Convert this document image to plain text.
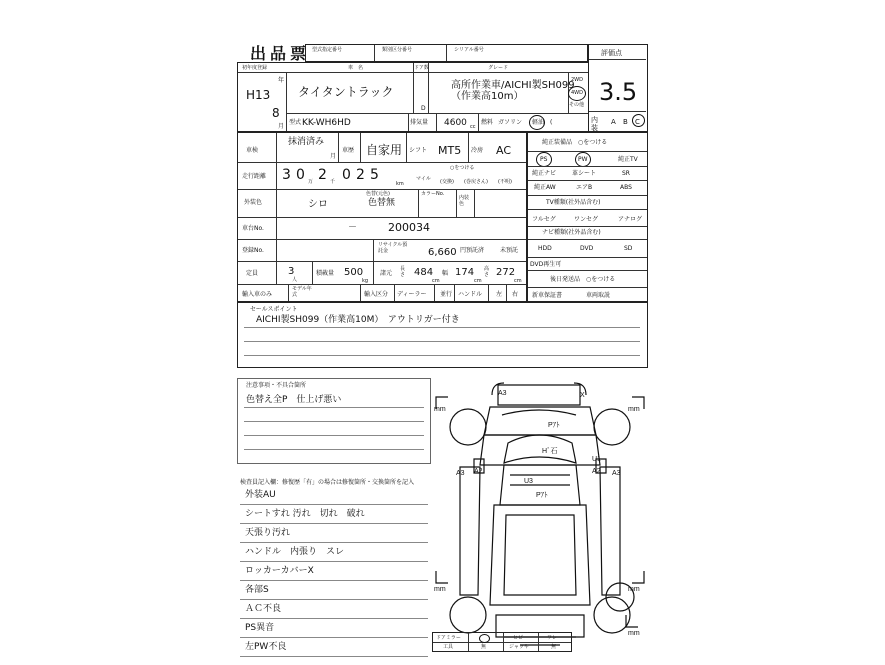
出品票 型式指定番号	類別区分番号	シリアル番号	評価点
3.5
内装
A B C
初年度登録
H13
年
8
月
車　名
タイタントラック
ドア数
D
グレード
高所作業車/AICHI製SH099（作業高10m）
2WD
4WD
その他
型式 KK-WH6HD	排気量 4600 cc
燃料 ガソリン 軽油 (
車検
抹消済み
月
車歴 自家用 シフト MT5 冷房 AC
走行距離 3 0 万 2 千 0 2 5
km
○をつける
マイル (交換) (巻戻さん) (不明)
外装色	シロ
色替(元色)
色替無
カラーNo.
内装色
車台No.	－	200034
登録No.
リサイクル預託金	6,660 円預託済	未預託
定員	3
人
積載量 500
kg
諸元
長さ 484
cm
幅 174
cm
高さ 272
cm
輸入車のみ
モデル年式	輸入区分 ディーラー 並行 ハンドル 左 右
純正装備品　 ○をつける
PS	PW	純正TV
純正ナビ	革シート	SR
純正AW	エアB	ABS
TV種類(社外品含む)
フルセグ	ワンセグ	アナログ
ナビ種類(社外品含む)
HDD	DVD	SD
DVD再生可
後日発送品　 ○をつける
新車保証書	車両取説
セールスポイント
AICHI製SH099（作業高10M）　アウトリガー付き
注意事項・不具合箇所
色替え全P　仕上げ悪い
検査員記入欄：修復歴「有」の場合は修復箇所・交換箇所を記入
外装AU
シートすれ 汚れ　切れ　破れ
天張り汚れ
ハンドル　内張り　スレ
ロッカーカバーX
各部S
ＡＣ不良
PS異音
左PW不良
A3	X
Pｱﾄ
Hﾞ石
A3 A2
U3
Pｱﾄ
U1
A2 A3
mm	mm
mm	mm
mm
ドアミラー	ヒビ	ワレ
工具	無	ジャッキ	無
